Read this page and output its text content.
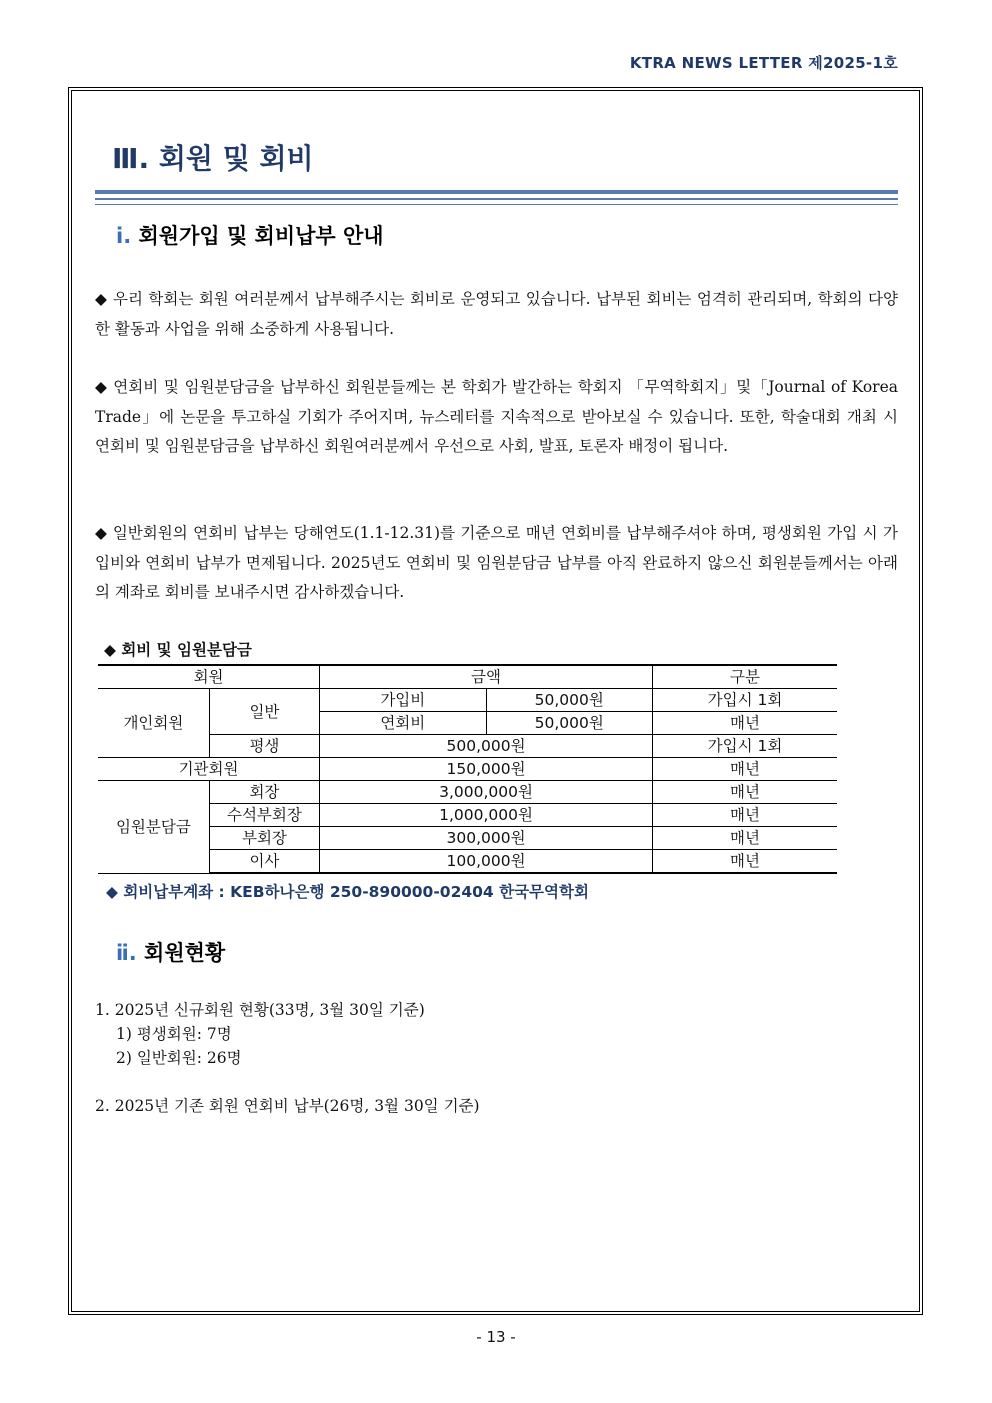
KTRA NEWS LETTER 제2025-1호
Ⅲ. 회원 및 회비
ⅰ. 회원가입 및 회비납부 안내
◆ 우리 학회는 회원 여러분께서 납부해주시는 회비로 운영되고 있습니다. 납부된 회비는 엄격히 관리되며, 학회의 다양한 활동과 사업을 위해 소중하게 사용됩니다.
◆ 연회비 및 임원분담금을 납부하신 회원분들께는 본 학회가 발간하는 학회지 「무역학회지」및「Journal of Korea Trade」에 논문을 투고하실 기회가 주어지며, 뉴스레터를 지속적으로 받아보실 수 있습니다. 또한, 학술대회 개최 시 연회비 및 임원분담금을 납부하신 회원여러분께서 우선으로 사회, 발표, 토론자 배정이 됩니다.
◆ 일반회원의 연회비 납부는 당해연도(1.1-12.31)를 기준으로 매년 연회비를 납부해주셔야 하며, 평생회원 가입 시 가입비와 연회비 납부가 면제됩니다. 2025년도 연회비 및 임원분담금 납부를 아직 완료하지 않으신 회원분들께서는 아래의 계좌로 회비를 보내주시면 감사하겠습니다.
◆ 회비 및 임원분담금
회원		금액		구분
개인회원	일반	가입비	50,000원	가입시 1회
		연회비	50,000원	매년
	평생	500,000원		가입시 1회
기관회원		150,000원		매년
임원분담금	회장	3,000,000원		매년
	수석부회장	1,000,000원		매년
	부회장	300,000원		매년
	이사	100,000원		매년
◆ 회비납부계좌 : KEB하나은행 250-890000-02404 한국무역학회
ⅱ. 회원현황
1. 2025년 신규회원 현황(33명, 3월 30일 기준)
1) 평생회원: 7명
2) 일반회원: 26명
2. 2025년 기존 회원 연회비 납부(26명, 3월 30일 기준)
- 13 -
